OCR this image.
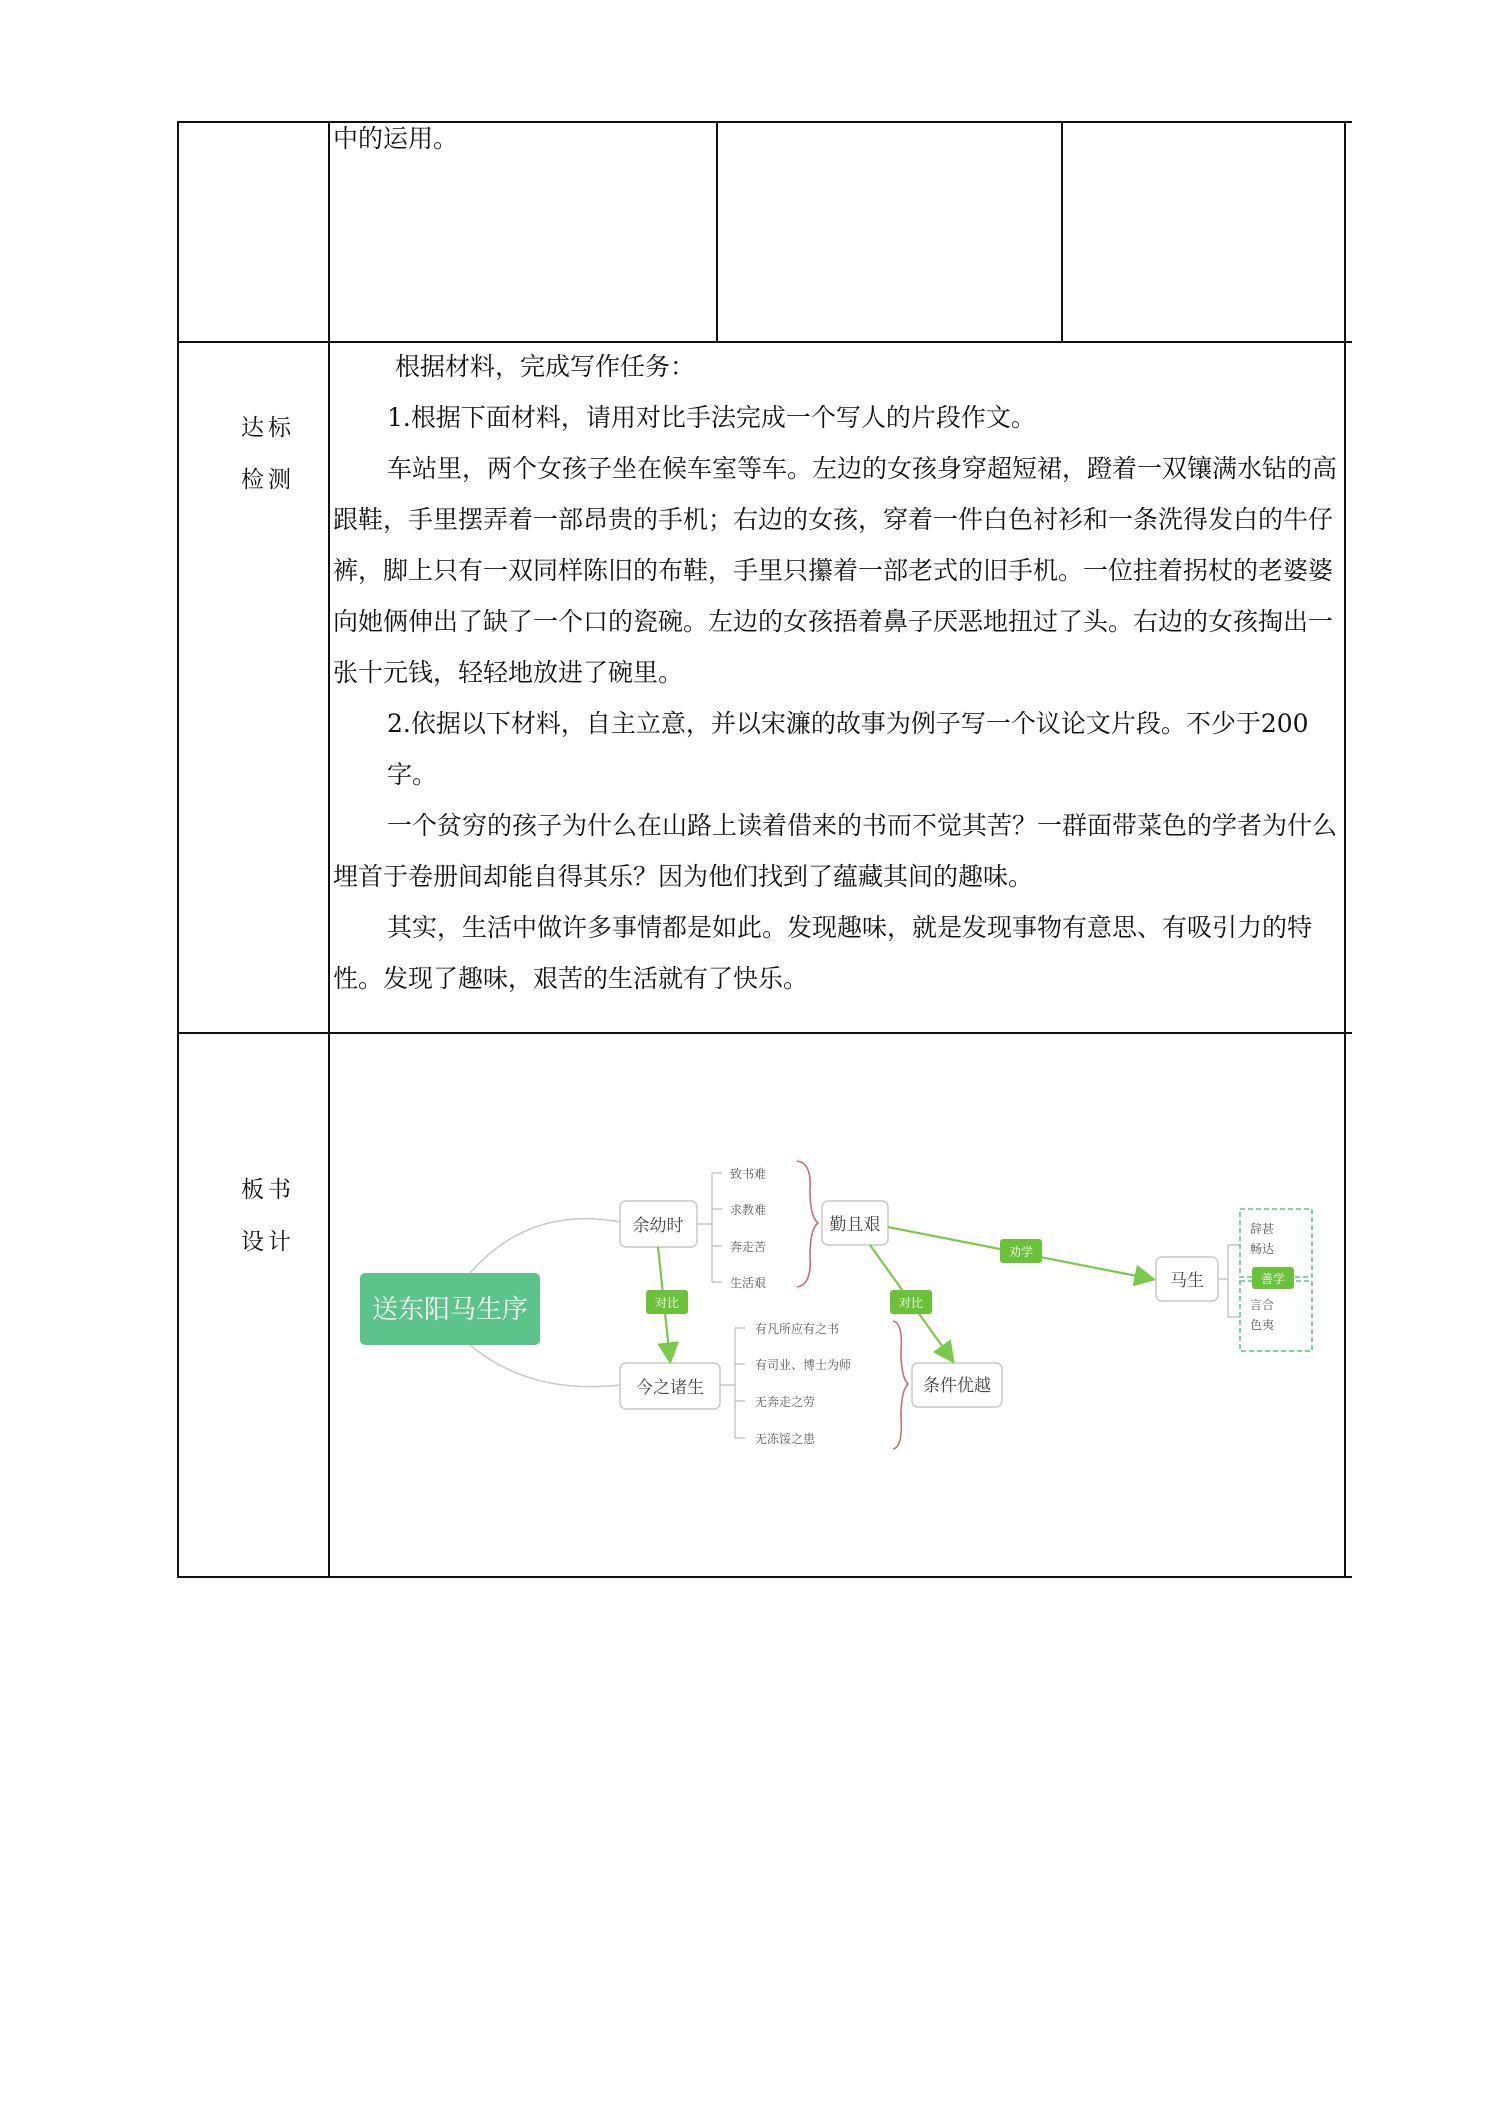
中的运用。
达标
检测

根据材料，完成写作任务：

1.根据下面材料，请用对比手法完成一个写人的片段作文。

车站里，两个女孩子坐在候车室等车。左边的女孩身穿超短裙，蹬着一双镶满水钻的高跟鞋，手里摆弄着一部昂贵的手机；右边的女孩，穿着一件白色衬衫和一条洗得发白的牛仔裤，脚上只有一双同样陈旧的布鞋，手里只攥着一部老式的旧手机。一位拄着拐杖的老婆婆向她俩伸出了缺了一个口的瓷碗。左边的女孩捂着鼻子厌恶地扭过了头。右边的女孩掏出一张十元钱，轻轻地放进了碗里。

2.依据以下材料，自主立意，并以宋濂的故事为例子写一个议论文片段。不少于200

字。

一个贫穷的孩子为什么在山路上读着借来的书而不觉其苦？一群面带菜色的学者为什么埋首于卷册间却能自得其乐？因为他们找到了蕴藏其间的趣味。

其实，生活中做许多事情都是如此。发现趣味，就是发现事物有意思、有吸引力的特性。发现了趣味，艰苦的生活就有了快乐。

板书
设计
送东阳马生序
余幼时
今之诸生
致书难
求教难
奔走苦
生活艰
勤且艰
有凡所应有之书
有司业、博士为师
无奔走之劳
无冻馁之患
条件优越
对比	对比
劝学
马生
辞甚
畅达
言合
色夷
善学
